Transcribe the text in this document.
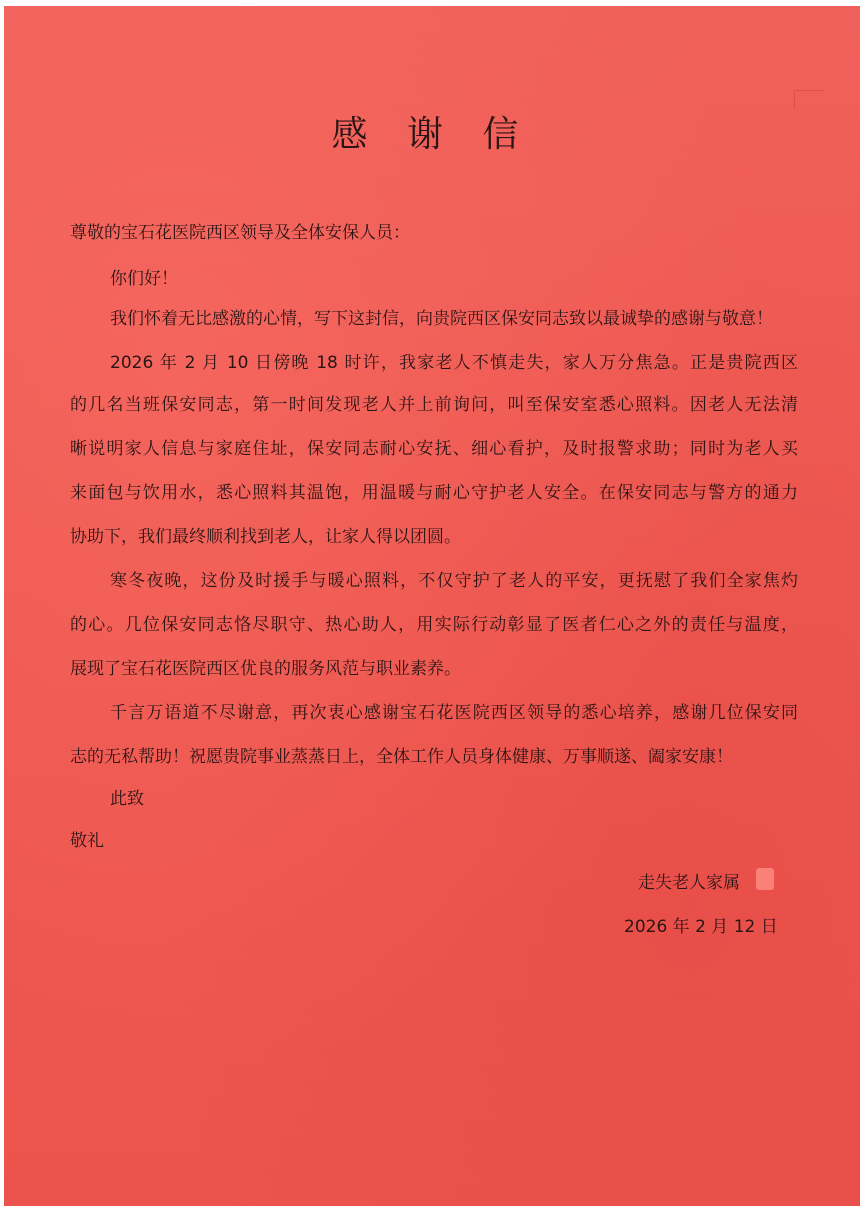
感 谢 信
尊敬的宝石花医院西区领导及全体安保人员：
你们好！
我们怀着无比感激的心情，写下这封信，向贵院西区保安同志致以最诚挚的感谢与敬意！
2026 年 2 月 10 日傍晚 18 时许，我家老人不慎走失，家人万分焦急。正是贵院西区
的几名当班保安同志，第一时间发现老人并上前询问，叫至保安室悉心照料。因老人无法清
晰说明家人信息与家庭住址，保安同志耐心安抚、细心看护，及时报警求助；同时为老人买
来面包与饮用水，悉心照料其温饱，用温暖与耐心守护老人安全。在保安同志与警方的通力
协助下，我们最终顺利找到老人，让家人得以团圆。
寒冬夜晚，这份及时援手与暖心照料，不仅守护了老人的平安，更抚慰了我们全家焦灼
的心。几位保安同志恪尽职守、热心助人，用实际行动彰显了医者仁心之外的责任与温度，
展现了宝石花医院西区优良的服务风范与职业素养。
千言万语道不尽谢意，再次衷心感谢宝石花医院西区领导的悉心培养，感谢几位保安同
志的无私帮助！祝愿贵院事业蒸蒸日上，全体工作人员身体健康、万事顺遂、阖家安康！
此致
敬礼
走失老人家属
2026 年 2 月 12 日
